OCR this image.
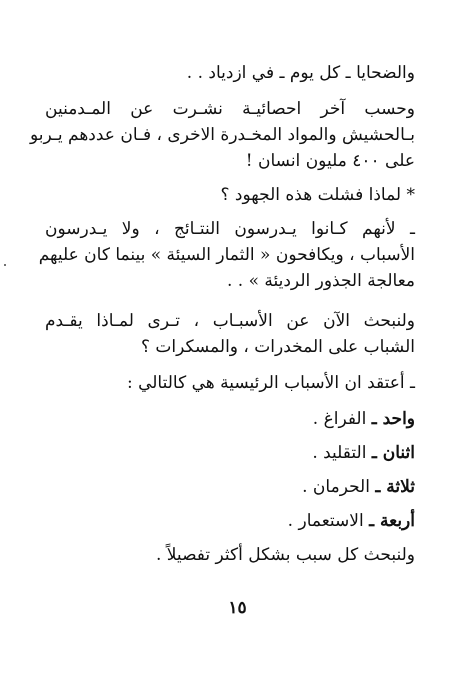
والضحايا ـ كل يوم ـ في ازدياد . .
وحسب آخر احصائيـة نشـرت عن المـدمنين
بـالحشيش والمواد المخـدرة الاخرى ، فـان عددهم يـربو
على ٤٠٠ مليون انسان !
* لماذا فشلت هذه الجهود ؟
ـ لأنهم كـانوا يـدرسون النتـائج ، ولا يـدرسون
الأسباب ، ويكافحون « الثمار السيئة » بينما كان عليهم
معالجة الجذور الرديئة » . .
ولنبحث الآن عن الأسبـاب ، تـرى لمـاذا يقـدم
الشباب على المخدرات ، والمسكرات ؟
ـ أعتقد ان الأسباب الرئيسية هي كالتالي :
واحد ـ الفراغ .
اثنان ـ التقليد .
ثلاثة ـ الحرمان .
أربعة ـ الاستعمار .
ولنبحث كل سبب بشكل أكثر تفصيلاً .
١٥
